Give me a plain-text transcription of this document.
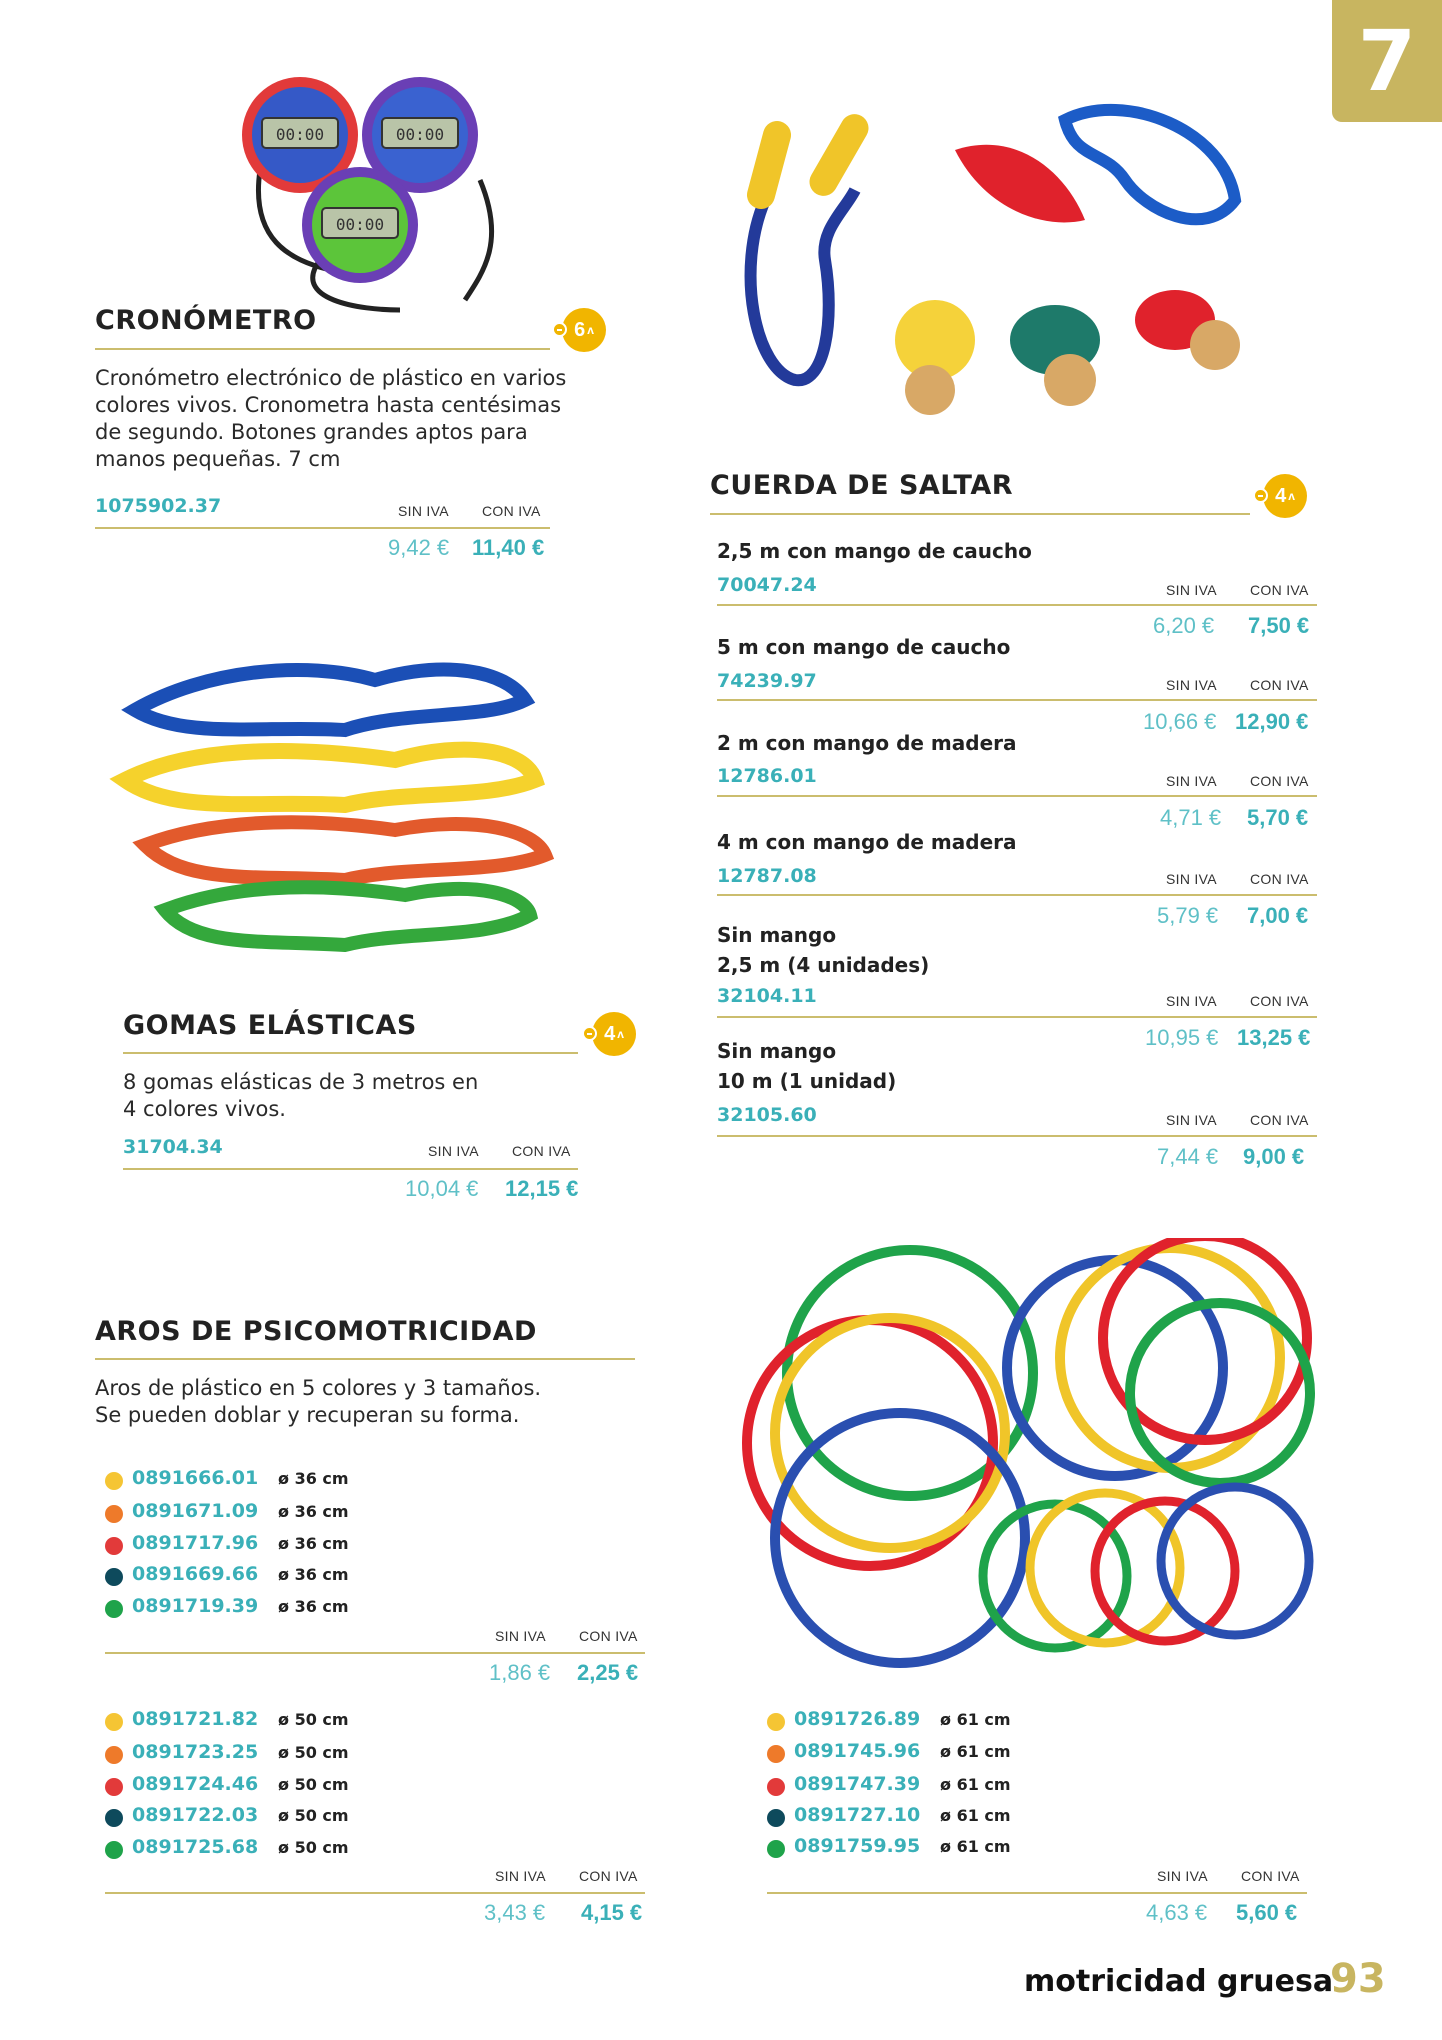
7
00:00	00:00
00:00
CRONÓMETRO	6 ʌ
Cronómetro electrónico de plástico en varios
colores vivos. Cronometra hasta centésimas
de segundo. Botones grandes aptos para
manos pequeñas. 7 cm
1075902.37	SIN IVA CON IVA
9,42 € 11,40 €
CUERDA DE SALTAR	4 ʌ
2,5 m con mango de caucho
70047.24	SIN IVA CON IVA
6,20 € 7,50 €
5 m con mango de caucho
74239.97	SIN IVA CON IVA
10,66 € 12,90 €
2 m con mango de madera
12786.01	SIN IVA CON IVA
4,71 € 5,70 €
4 m con mango de madera
12787.08	SIN IVA CON IVA
5,79 € 7,00 €
Sin mango
2,5 m (4 unidades)
32104.11	SIN IVA CON IVA
10,95 € 13,25 €
Sin mango
10 m (1 unidad)
32105.60	SIN IVA CON IVA
7,44 € 9,00 €
GOMAS ELÁSTICAS	4 ʌ
8 gomas elásticas de 3 metros en
4 colores vivos.
31704.34	SIN IVA CON IVA
10,04 € 12,15 €
AROS DE PSICOMOTRICIDAD
Aros de plástico en 5 colores y 3 tamaños.
Se pueden doblar y recuperan su forma.
0891666.01 ø 36 cm
0891671.09 ø 36 cm
0891717.96 ø 36 cm
0891669.66 ø 36 cm
0891719.39 ø 36 cm
SIN IVA CON IVA
1,86 € 2,25 €
0891721.82 ø 50 cm
0891723.25 ø 50 cm
0891724.46 ø 50 cm
0891722.03 ø 50 cm
0891725.68 ø 50 cm
SIN IVA CON IVA
3,43 € 4,15 €
0891726.89 ø 61 cm
0891745.96 ø 61 cm
0891747.39 ø 61 cm
0891727.10 ø 61 cm
0891759.95 ø 61 cm
SIN IVA CON IVA
4,63 € 5,60 €
motricidad gruesa
93
